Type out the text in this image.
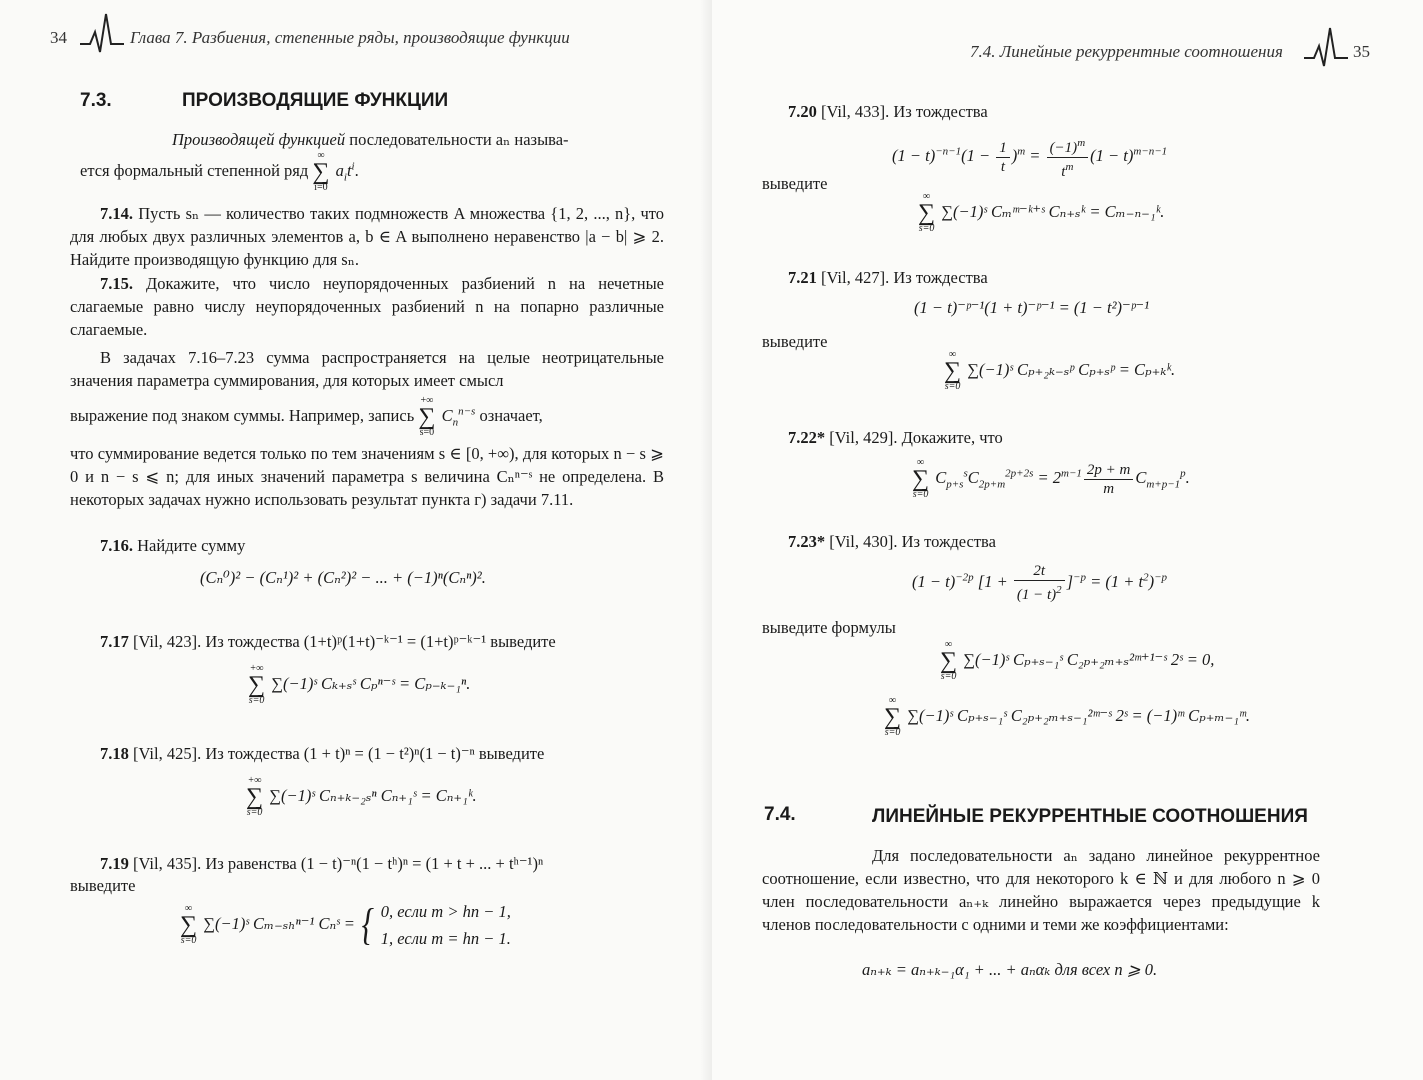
34	Глава 7. Разбиения, степенные ряды, производящие функции
7.3.	ПРОИЗВОДЯЩИЕ ФУНКЦИИ
Производящей функцией последовательности aₙ называ-
ется формальный степенной ряд
∞
∑
i=0
$a_it^i$.
7.14. Пусть sₙ — количество таких подмножеств A множества {1, 2, ..., n}, что для любых двух различных элементов a, b ∈ A выполнено неравенство |a − b| ⩾ 2. Найдите производящую функцию для sₙ.
7.15. Докажите, что число неупорядоченных разбиений n на нечетные слагаемые равно числу неупорядоченных разбиений n на попарно различные слагаемые.
В задачах 7.16–7.23 сумма распространяется на целые неотрицательные значения параметра суммирования, для которых имеет смысл
выражение под знаком суммы. Например, запись
+∞
∑
s=0
$C_n^{n-s}$ означает,
что суммирование ведется только по тем значениям s ∈ [0, +∞), для которых n − s ⩾ 0 и n − s ⩽ n; для иных значений параметра s величина Cₙⁿ⁻ˢ не определена. В некоторых задачах нужно использовать результат пункта г) задачи 7.11.
7.16. Найдите сумму
(Cₙ⁰)² − (Cₙ¹)² + (Cₙ²)² − ... + (−1)ⁿ(Cₙⁿ)².
7.17 [Vil, 423]. Из тождества (1+t)ᵖ(1+t)⁻ᵏ⁻¹ = (1+t)ᵖ⁻ᵏ⁻¹ выведите
+∞
∑
s=0
∑(−1)ˢ Cₖ₊ₛˢ Cₚⁿ⁻ˢ = Cₚ₋ₖ₋₁ⁿ.
7.18 [Vil, 425]. Из тождества (1 + t)ⁿ = (1 − t²)ⁿ(1 − t)⁻ⁿ выведите
+∞
∑
s=0
∑(−1)ˢ Cₙ₊ₖ₋₂ₛⁿ Cₙ₊₁ˢ = Cₙ₊₁ᵏ.
7.19 [Vil, 435]. Из равенства (1 − t)⁻ⁿ(1 − tʰ)ⁿ = (1 + t + ... + tʰ⁻¹)ⁿ
выведите
∞
∑
s=0
∑(−1)ˢ Cₘ₋ₛₕⁿ⁻¹ Cₙˢ = { 0, если m > hn − 1,
1, если m = hn − 1.
7.4. Линейные рекуррентные соотношения	35
7.20 [Vil, 433]. Из тождества
$(1 - t)^{-n-1}(1 - \frac{1}{t} )^m = \frac{(-1)^m}{t^m} (1 - t)^{m-n-1}$
выведите
∞
∑
s=0
∑(−1)ˢ Cₘᵐ⁻ᵏ⁺ˢ Cₙ₊ₛᵏ = Cₘ₋ₙ₋₁ᵏ.
7.21 [Vil, 427]. Из тождества
(1 − t)⁻ᵖ⁻¹(1 + t)⁻ᵖ⁻¹ = (1 − t²)⁻ᵖ⁻¹
выведите
∞
∑
s=0
∑(−1)ˢ Cₚ₊₂ₖ₋ₛᵖ Cₚ₊ₛᵖ = Cₚ₊ₖᵏ.
7.22* [Vil, 429]. Докажите, что
∞
∑
s=0
$C_{p+s}^sC_{2p+m}^{2p+2s} = 2^{m-1} \frac{2p + m}{m} C_{m+p-1}^p$.
7.23* [Vil, 430]. Из тождества
$(1 - t)^{-2p}$ $[1 + \frac{2t}{(1 - t)^2} ]^{-p} = (1 + t^2)^{-p}$
выведите формулы
∞
∑
s=0
∑(−1)ˢ Cₚ₊ₛ₋₁ˢ C₂ₚ₊₂ₘ₊ₛ²ᵐ⁺¹⁻ˢ 2ˢ = 0,
∞
∑
s=0
∑(−1)ˢ Cₚ₊ₛ₋₁ˢ C₂ₚ₊₂ₘ₊ₛ₋₁²ᵐ⁻ˢ 2ˢ = (−1)ᵐ Cₚ₊ₘ₋₁ᵐ.
7.4.	ЛИНЕЙНЫЕ РЕКУРРЕНТНЫЕ СООТНОШЕНИЯ
Для последовательности aₙ задано линейное рекуррентное соотношение, если известно, что для некоторого k ∈ ℕ и для любого n ⩾ 0 член последовательности aₙ₊ₖ линейно выражается через предыдущие k членов последовательности с одними и теми же коэффициентами:
aₙ₊ₖ = aₙ₊ₖ₋₁α₁ + ... + aₙαₖ для всех n ⩾ 0.
